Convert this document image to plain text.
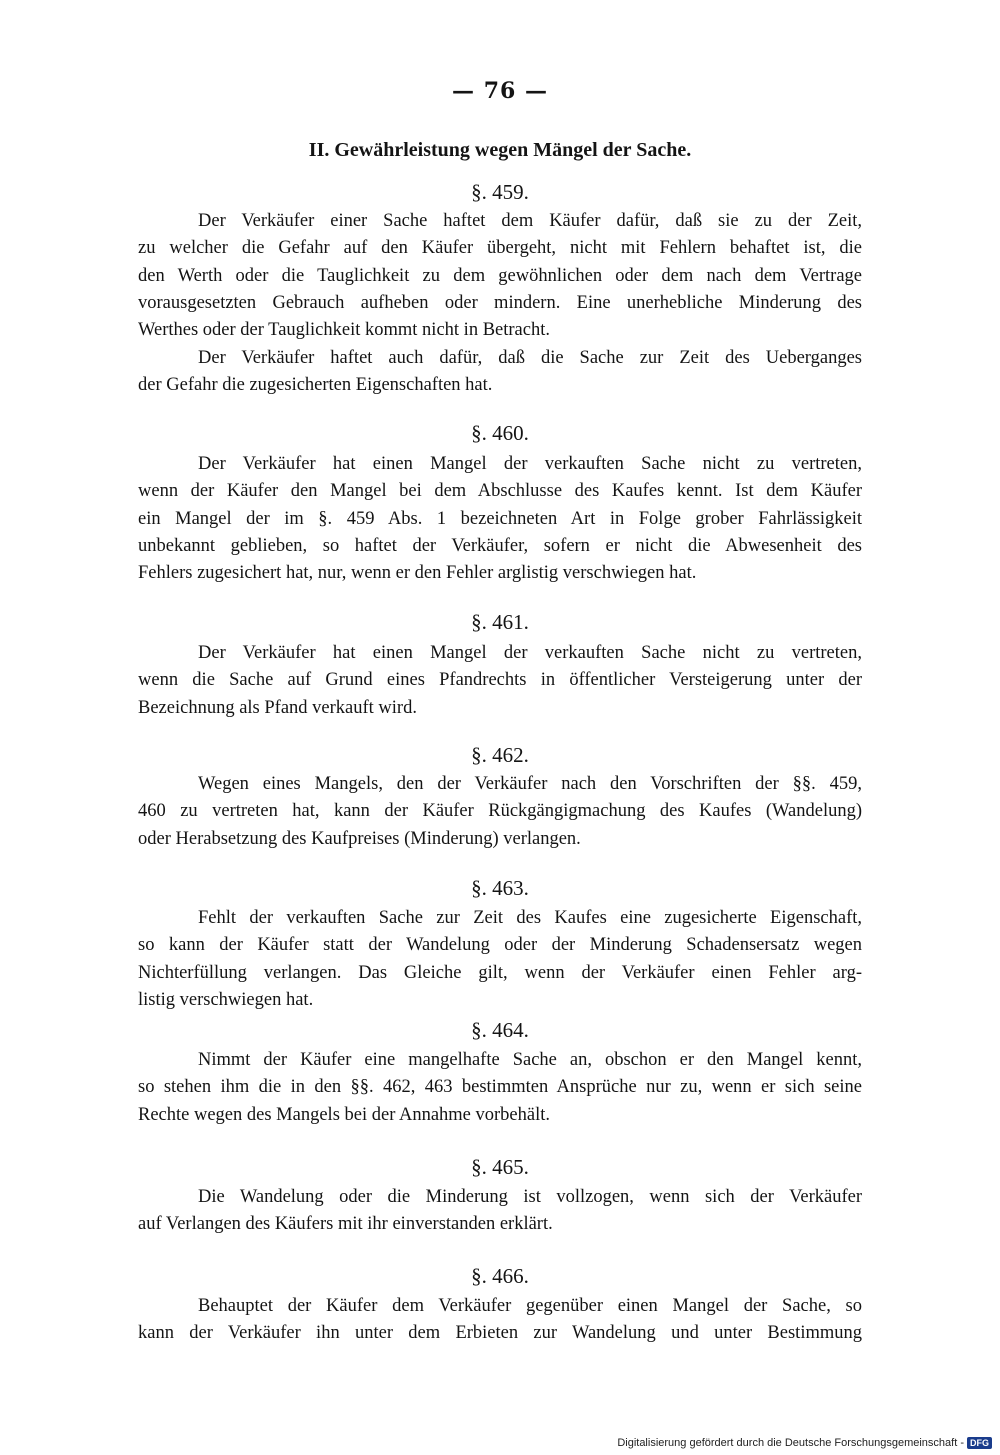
— 76 —
II. Gewährleistung wegen Mängel der Sache.
§. 459.
Der Verkäufer einer Sache haftet dem Käufer dafür, daß sie zu der Zeit,
zu welcher die Gefahr auf den Käufer übergeht, nicht mit Fehlern behaftet ist, die
den Werth oder die Tauglichkeit zu dem gewöhnlichen oder dem nach dem Vertrage
vorausgesetzten Gebrauch aufheben oder mindern. Eine unerhebliche Minderung des
Werthes oder der Tauglichkeit kommt nicht in Betracht.
Der Verkäufer haftet auch dafür, daß die Sache zur Zeit des Ueberganges
der Gefahr die zugesicherten Eigenschaften hat.
§. 460.
Der Verkäufer hat einen Mangel der verkauften Sache nicht zu vertreten,
wenn der Käufer den Mangel bei dem Abschlusse des Kaufes kennt. Ist dem Käufer
ein Mangel der im §. 459 Abs. 1 bezeichneten Art in Folge grober Fahrlässigkeit
unbekannt geblieben, so haftet der Verkäufer, sofern er nicht die Abwesenheit des
Fehlers zugesichert hat, nur, wenn er den Fehler arglistig verschwiegen hat.
§. 461.
Der Verkäufer hat einen Mangel der verkauften Sache nicht zu vertreten,
wenn die Sache auf Grund eines Pfandrechts in öffentlicher Versteigerung unter der
Bezeichnung als Pfand verkauft wird.
§. 462.
Wegen eines Mangels, den der Verkäufer nach den Vorschriften der §§. 459,
460 zu vertreten hat, kann der Käufer Rückgängigmachung des Kaufes (Wandelung)
oder Herabsetzung des Kaufpreises (Minderung) verlangen.
§. 463.
Fehlt der verkauften Sache zur Zeit des Kaufes eine zugesicherte Eigenschaft,
so kann der Käufer statt der Wandelung oder der Minderung Schadensersatz wegen
Nichterfüllung verlangen. Das Gleiche gilt, wenn der Verkäufer einen Fehler arg-
listig verschwiegen hat.
§. 464.
Nimmt der Käufer eine mangelhafte Sache an, obschon er den Mangel kennt,
so stehen ihm die in den §§. 462, 463 bestimmten Ansprüche nur zu, wenn er sich seine
Rechte wegen des Mangels bei der Annahme vorbehält.
§. 465.
Die Wandelung oder die Minderung ist vollzogen, wenn sich der Verkäufer
auf Verlangen des Käufers mit ihr einverstanden erklärt.
§. 466.
Behauptet der Käufer dem Verkäufer gegenüber einen Mangel der Sache, so
kann der Verkäufer ihn unter dem Erbieten zur Wandelung und unter Bestimmung
Digitalisierung gefördert durch die Deutsche Forschungsgemeinschaft - DFG
